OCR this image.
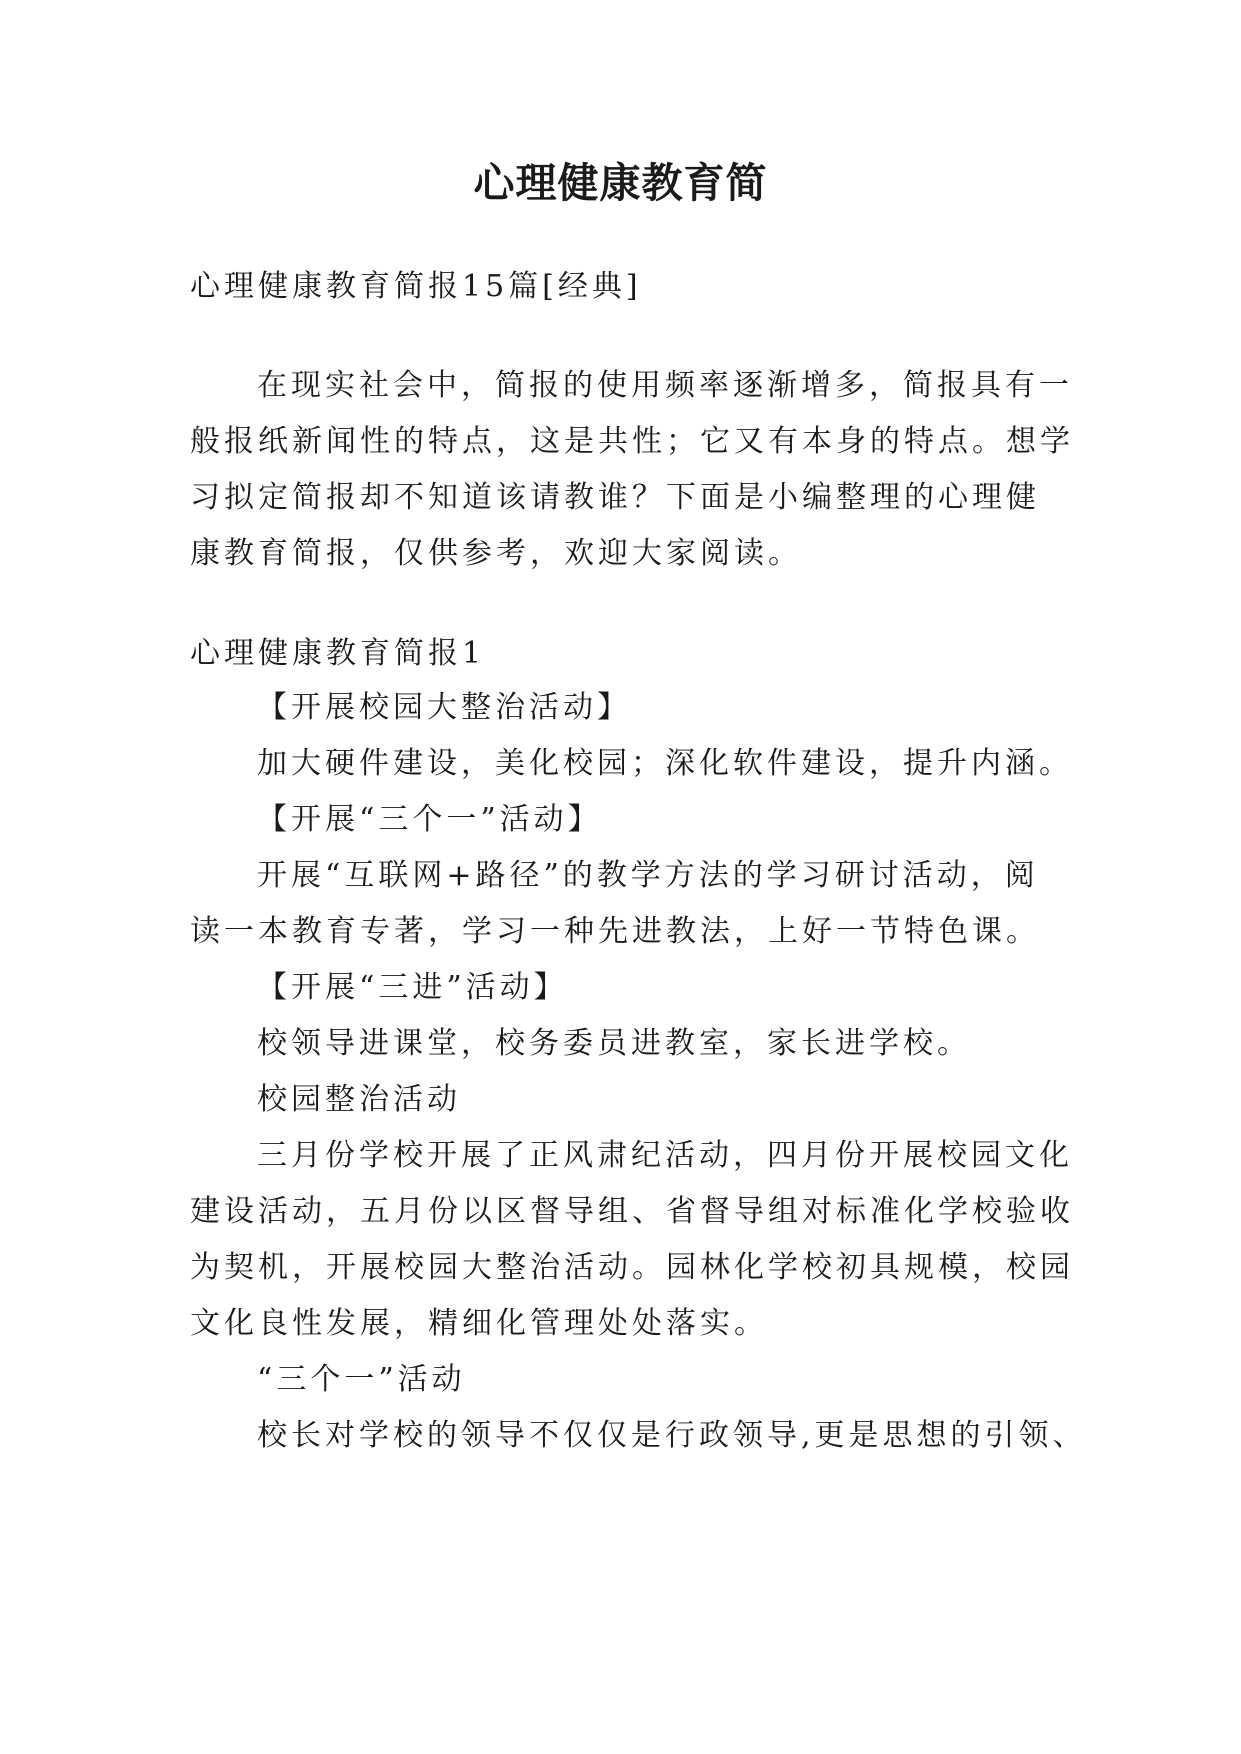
心理健康教育简
心理健康教育简报15篇[经典]
在现实社会中，简报的使用频率逐渐增多，简报具有一
般报纸新闻性的特点，这是共性；它又有本身的特点。想学
习拟定简报却不知道该请教谁？下面是小编整理的心理健
康教育简报，仅供参考，欢迎大家阅读。
心理健康教育简报1
【开展校园大整治活动】
加大硬件建设，美化校园；深化软件建设，提升内涵。
【开展“三个一”活动】
开展“互联网+路径”的教学方法的学习研讨活动，阅
读一本教育专著，学习一种先进教法，上好一节特色课。
【开展“三进”活动】
校领导进课堂，校务委员进教室，家长进学校。
校园整治活动
三月份学校开展了正风肃纪活动，四月份开展校园文化
建设活动，五月份以区督导组、省督导组对标准化学校验收
为契机，开展校园大整治活动。园林化学校初具规模，校园
文化良性发展，精细化管理处处落实。
“三个一”活动
校长对学校的领导不仅仅是行政领导,更是思想的引领、
